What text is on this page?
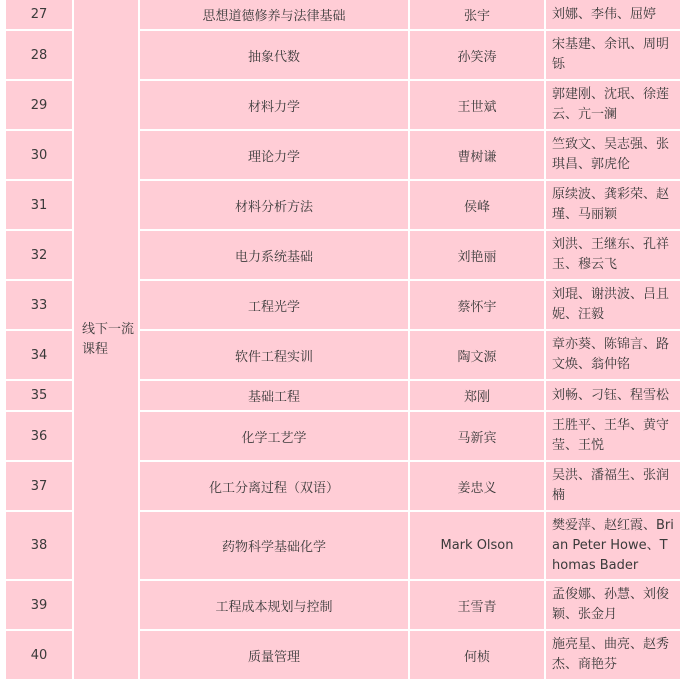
27	线下一流课程	思想道德修养与法律基础	张宇	刘娜、李伟、屈婷
28		抽象代数	孙笑涛	宋基建、余讯、周明铄
29		材料力学	王世斌	郭建刚、沈珉、徐莲云、亢一澜
30		理论力学	曹树谦	竺致文、吴志强、张琪昌、郭虎伦
31		材料分析方法	侯峰	原续波、龚彩荣、赵瑾、马丽颖
32		电力系统基础	刘艳丽	刘洪、王继东、孔祥玉、穆云飞
33		工程光学	蔡怀宇	刘琨、谢洪波、吕且妮、汪毅
34		软件工程实训	陶文源	章亦葵、陈锦言、路文焕、翁仲铭
35		基础工程	郑刚	刘畅、刁钰、程雪松
36		化学工艺学	马新宾	王胜平、王华、黄守莹、王悦
37		化工分离过程（双语）	姜忠义	吴洪、潘福生、张润楠
38		药物科学基础化学	Mark Olson	樊爱萍、赵红霞、Brian Peter Howe、Thomas Bader
39		工程成本规划与控制	王雪青	孟俊娜、孙慧、刘俊颖、张金月
40		质量管理	何桢	施亮星、曲亮、赵秀杰、商艳芬
